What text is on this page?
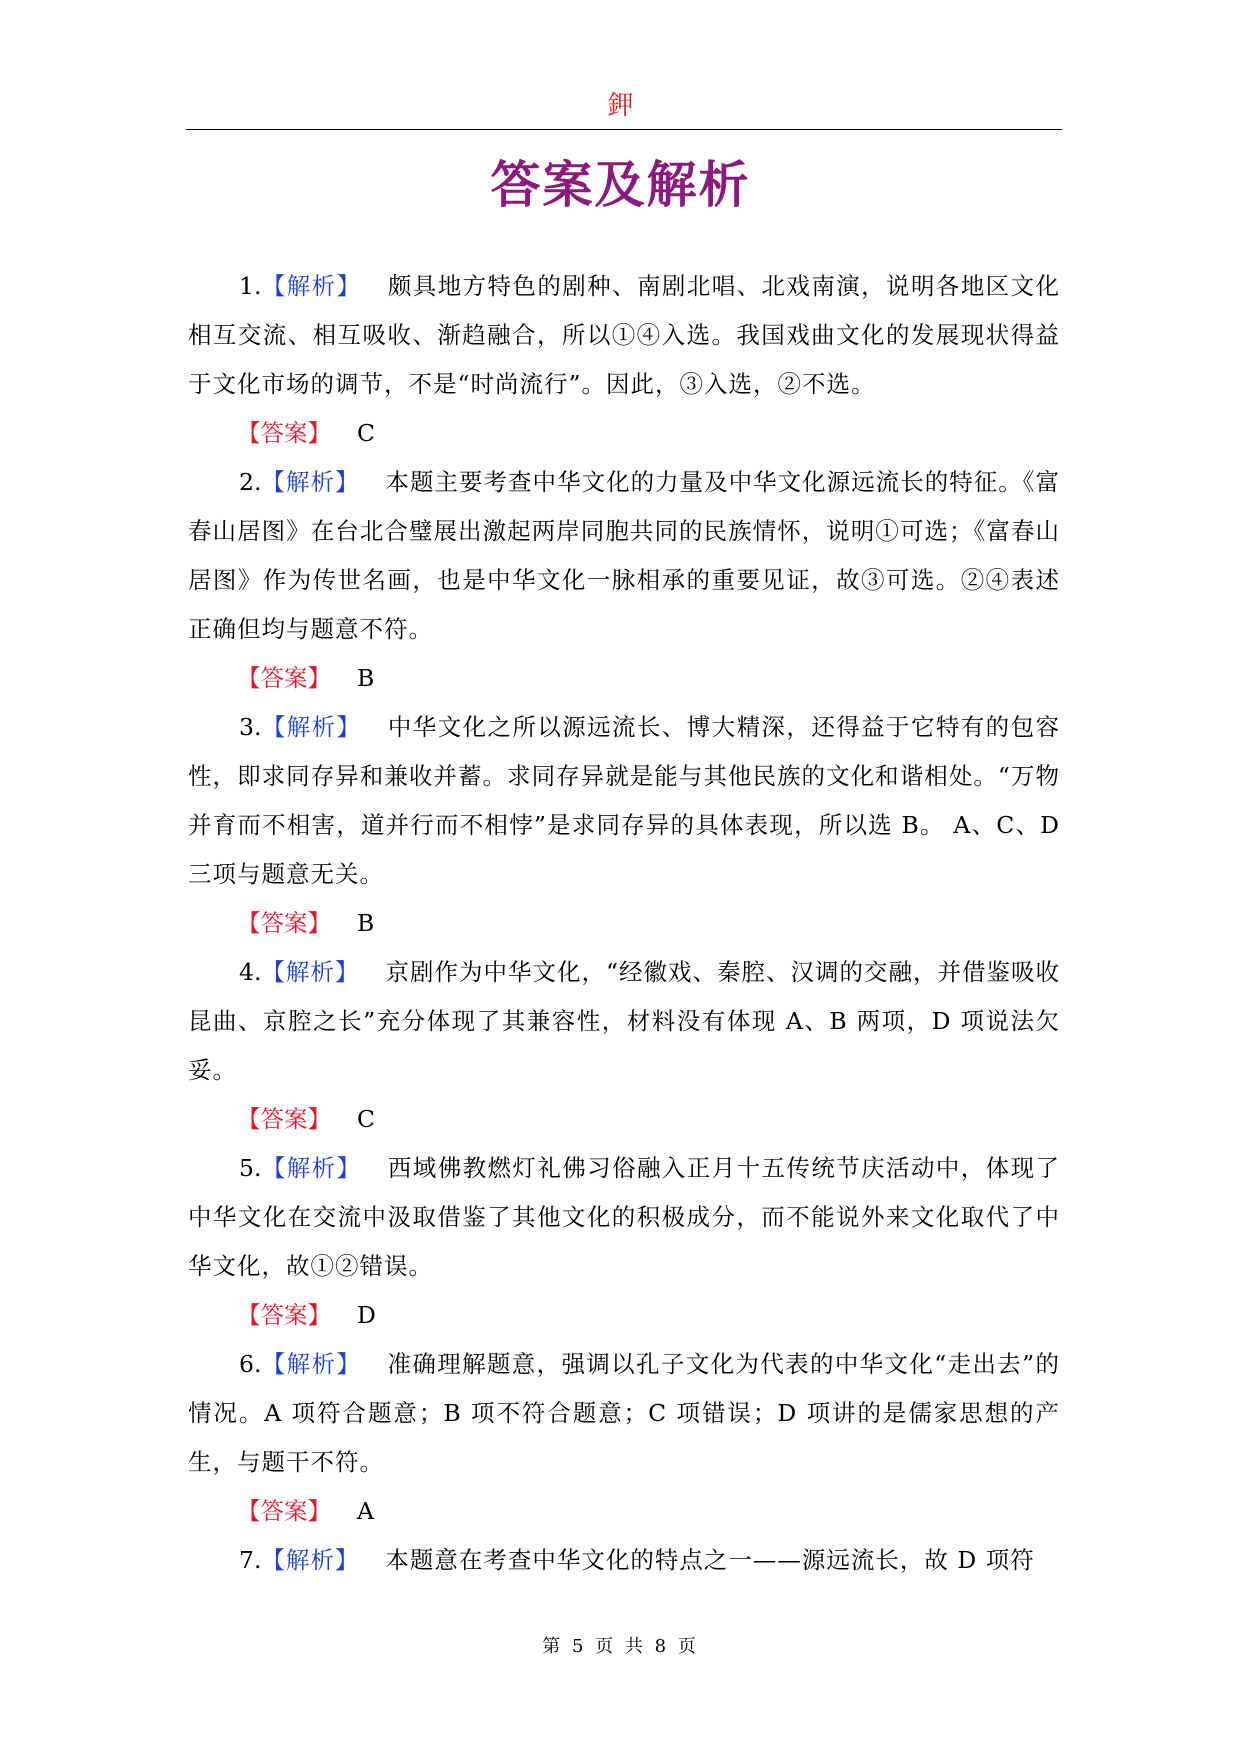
鉀
答案及解析

1.【解析】 颇具地方特色的剧种、南剧北唱、北戏南演，说明各地区文化相互交流、相互吸收、渐趋融合，所以①④入选。我国戏曲文化的发展现状得益于文化市场的调节，不是“时尚流行”。因此，③入选，②不选。

【答案】 C

2.【解析】 本题主要考查中华文化的力量及中华文化源远流长的特征。《富春山居图》在台北合璧展出激起两岸同胞共同的民族情怀，说明①可选；《富春山居图》作为传世名画，也是中华文化一脉相承的重要见证，故③可选。②④表述正确但均与题意不符。

【答案】 B

3.【解析】 中华文化之所以源远流长、博大精深，还得益于它特有的包容性，即求同存异和兼收并蓄。求同存异就是能与其他民族的文化和谐相处。“万物并育而不相害，道并行而不相悖”是求同存异的具体表现，所以选 B。 A、C、D 三项与题意无关。

【答案】 B

4.【解析】 京剧作为中华文化，“经徽戏、秦腔、汉调的交融，并借鉴吸收昆曲、京腔之长”充分体现了其兼容性，材料没有体现 A、B 两项，D 项说法欠妥。

【答案】 C

5.【解析】 西域佛教燃灯礼佛习俗融入正月十五传统节庆活动中，体现了中华文化在交流中汲取借鉴了其他文化的积极成分，而不能说外来文化取代了中华文化，故①②错误。

【答案】 D

6.【解析】 准确理解题意，强调以孔子文化为代表的中华文化“走出去”的情况。A 项符合题意；B 项不符合题意；C 项错误；D 项讲的是儒家思想的产生，与题干不符。

【答案】 A

7.【解析】 本题意在考查中华文化的特点之一——源远流长，故 D 项符

第 5 页 共 8 页
